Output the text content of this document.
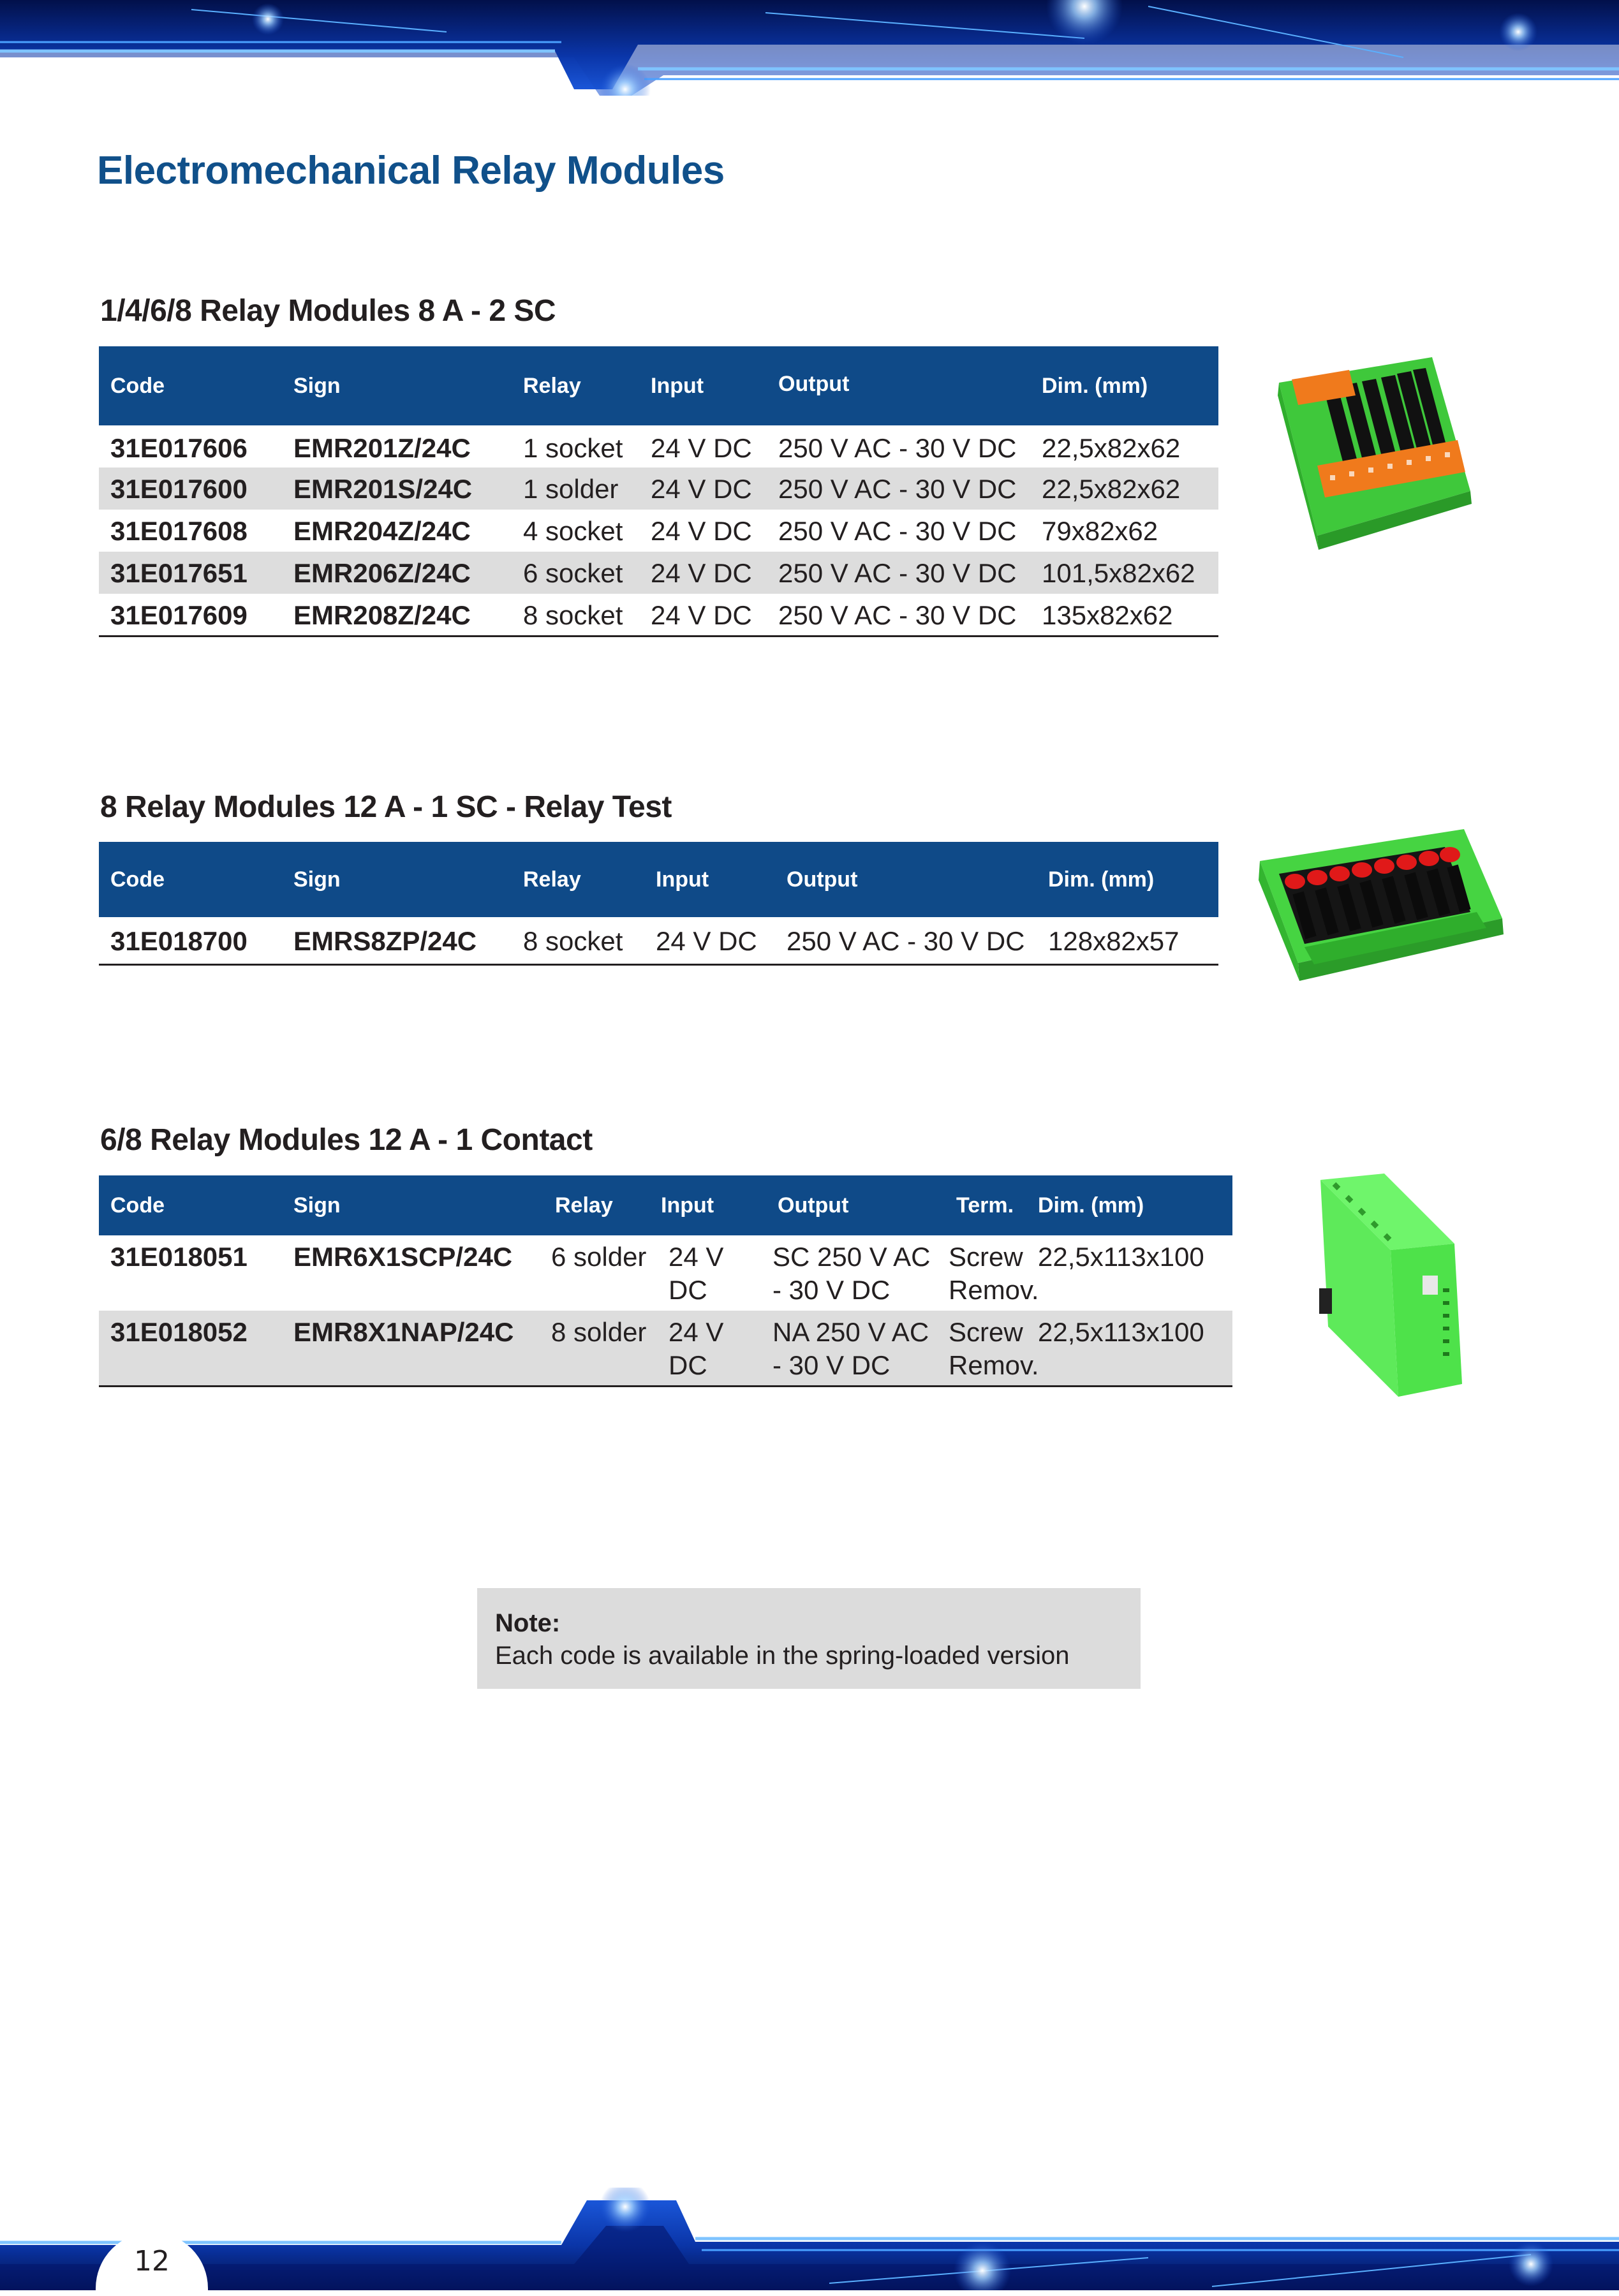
Electromechanical Relay Modules
1/4/6/8 Relay Modules 8 A - 2 SC
Code	Sign	Relay	Input	Output	Dim. (mm)
31E017606	EMR201Z/24C	1 socket	24 V DC	250 V AC - 30 V DC	22,5x82x62
31E017600	EMR201S/24C	1 solder	24 V DC	250 V AC - 30 V DC	22,5x82x62
31E017608	EMR204Z/24C	4 socket	24 V DC	250 V AC - 30 V DC	79x82x62
31E017651	EMR206Z/24C	6 socket	24 V DC	250 V AC - 30 V DC	101,5x82x62
31E017609	EMR208Z/24C	8 socket	24 V DC	250 V AC - 30 V DC	135x82x62
8 Relay Modules 12 A - 1 SC - Relay Test
Code	Sign	Relay	Input	Output	Dim. (mm)
31E018700	EMRS8ZP/24C	8 socket	24 V DC	250 V AC - 30 V DC	128x82x57
6/8 Relay Modules 12 A - 1 Contact
Code	Sign	Relay	Input	Output	Term.	Dim. (mm)
31E018051	EMR6X1SCP/24C	6 solder	24 V DC	SC 250 V AC - 30 V DC	Screw Remov.	22,5x113x100
31E018052	EMR8X1NAP/24C	8 solder	24 V DC	NA 250 V AC - 30 V DC	Screw Remov.	22,5x113x100
Note:
Each code is available in the spring-loaded version
12
